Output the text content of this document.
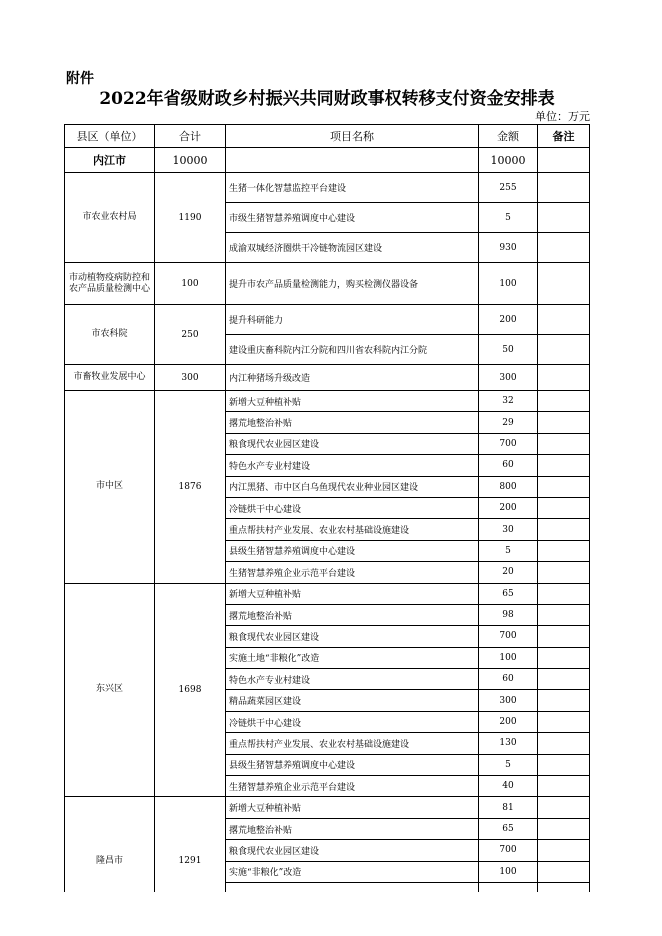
附件
2022年省级财政乡村振兴共同财政事权转移支付资金安排表
单位：万元
县区（单位）	合计	项目名称	金额	备注
内江市	10000		10000	
市农业农村局	1190	生猪一体化智慧监控平台建设	255	
		市级生猪智慧养殖调度中心建设	5	
		成渝双城经济圈烘干冷链物流园区建设	930	
市动植物疫病防控和农产品质量检测中心	100	提升市农产品质量检测能力，购买检测仪器设备	100	
市农科院	250	提升科研能力	200	
		建设重庆畜科院内江分院和四川省农科院内江分院	50	
市畜牧业发展中心	300	内江种猪场升级改造	300	
市中区	1876	新增大豆种植补贴	32	
		撂荒地整治补贴	29	
		粮食现代农业园区建设	700	
		特色水产专业村建设	60	
		内江黑猪、市中区白乌鱼现代农业种业园区建设	800	
		冷链烘干中心建设	200	
		重点帮扶村产业发展、农业农村基础设施建设	30	
		县级生猪智慧养殖调度中心建设	5	
		生猪智慧养殖企业示范平台建设	20	
东兴区	1698	新增大豆种植补贴	65	
		撂荒地整治补贴	98	
		粮食现代农业园区建设	700	
		实施土地“非粮化”改造	100	
		特色水产专业村建设	60	
		精品蔬菜园区建设	300	
		冷链烘干中心建设	200	
		重点帮扶村产业发展、农业农村基础设施建设	130	
		县级生猪智慧养殖调度中心建设	5	
		生猪智慧养殖企业示范平台建设	40	
隆昌市	1291	新增大豆种植补贴	81	
		撂荒地整治补贴	65	
		粮食现代农业园区建设	700	
		实施“非粮化”改造	100	
